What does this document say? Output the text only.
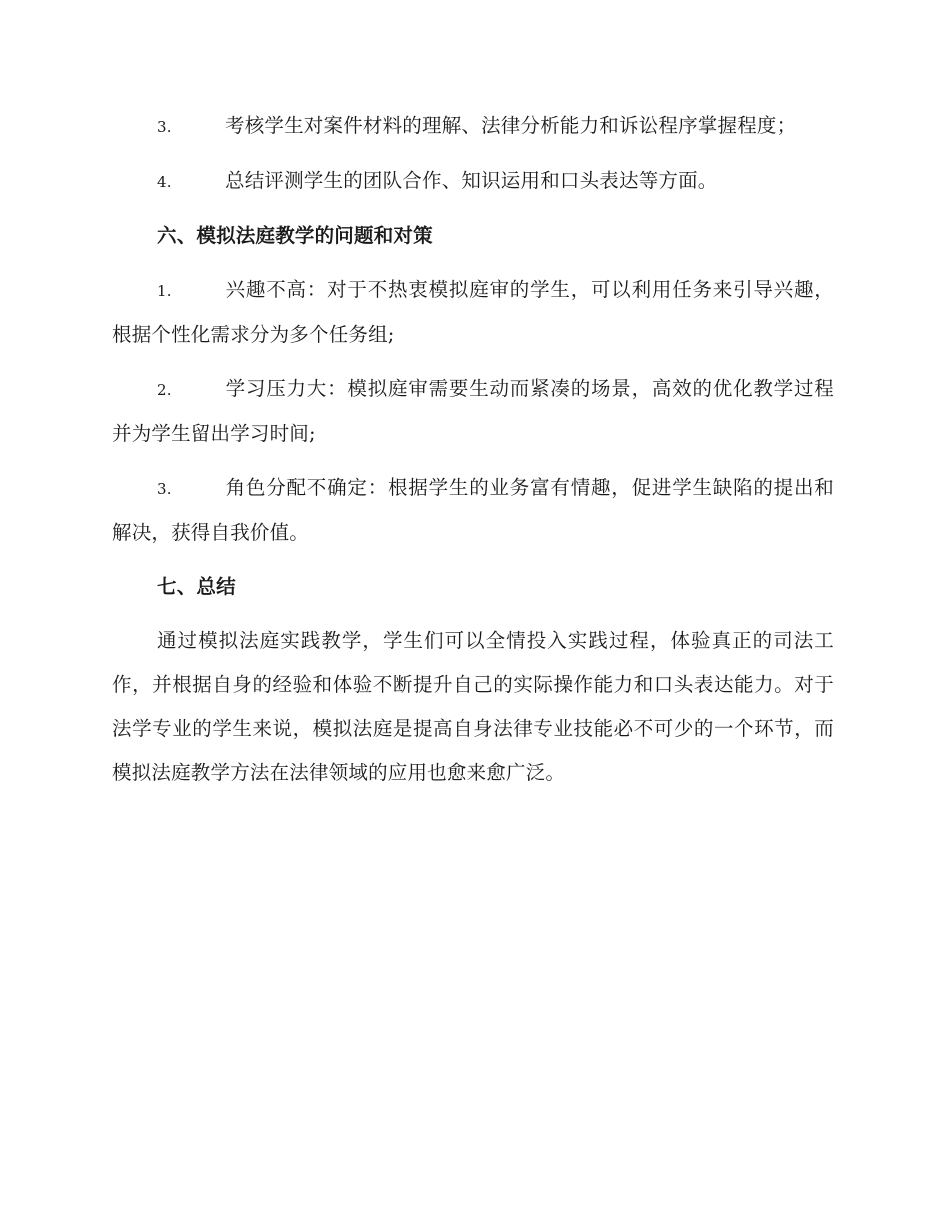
3.	考核学生对案件材料的理解、法律分析能力和诉讼程序掌握程度；
4.	总结评测学生的团队合作、知识运用和口头表达等方面。
六、模拟法庭教学的问题和对策
1.	兴趣不高：对于不热衷模拟庭审的学生，可以利用任务来引导兴趣，根据个性化需求分为多个任务组;
2.	学习压力大：模拟庭审需要生动而紧凑的场景，高效的优化教学过程并为学生留出学习时间;
3.	角色分配不确定：根据学生的业务富有情趣，促进学生缺陷的提出和解决，获得自我价值。
七、总结

通过模拟法庭实践教学，学生们可以全情投入实践过程，体验真正的司法工作，并根据自身的经验和体验不断提升自己的实际操作能力和口头表达能力。对于法学专业的学生来说，模拟法庭是提高自身法律专业技能必不可少的一个环节，而模拟法庭教学方法在法律领域的应用也愈来愈广泛。
